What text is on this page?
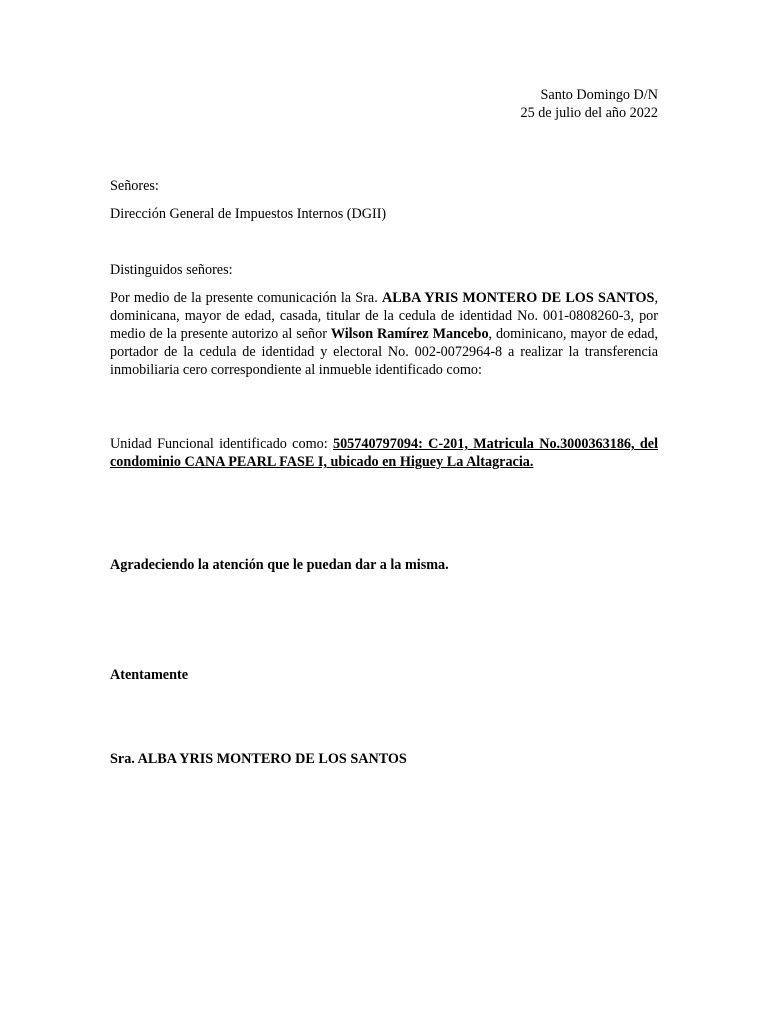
Santo Domingo D/N
25 de julio del año 2022
Señores:
Dirección General de Impuestos Internos (DGII)
Distinguidos señores:
Por medio de la presente comunicación la Sra. ALBA YRIS MONTERO DE LOS SANTOS, dominicana, mayor de edad, casada, titular de la cedula de identidad No. 001-0808260-3, por medio de la presente autorizo al señor Wilson Ramírez Mancebo, dominicano, mayor de edad, portador de la cedula de identidad y electoral No. 002-0072964-8 a realizar la transferencia inmobiliaria cero correspondiente al inmueble identificado como:
Unidad Funcional identificado como: 505740797094: C-201, Matricula No.3000363186, del condominio CANA PEARL FASE I, ubicado en Higuey La Altagracia.
Agradeciendo la atención que le puedan dar a la misma.
Atentamente
Sra. ALBA YRIS MONTERO DE LOS SANTOS
